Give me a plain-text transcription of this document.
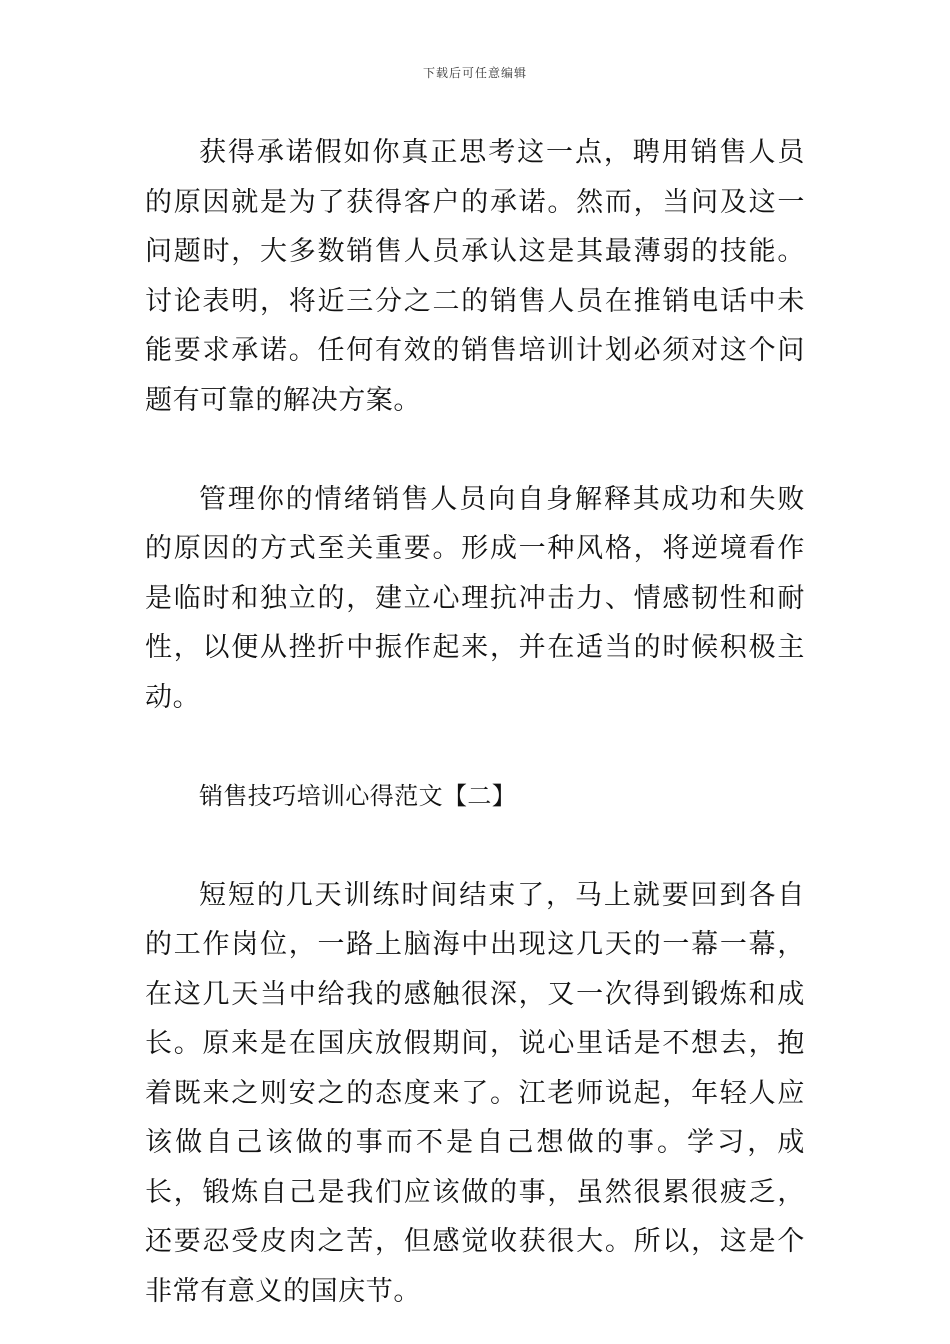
下载后可任意编辑

获得承诺假如你真正思考这一点，聘用销售人员的原因就是为了获得客户的承诺。然而，当问及这一问题时，大多数销售人员承认这是其最薄弱的技能。讨论表明，将近三分之二的销售人员在推销电话中未能要求承诺。任何有效的销售培训计划必须对这个问题有可靠的解决方案。

管理你的情绪销售人员向自身解释其成功和失败的原因的方式至关重要。形成一种风格，将逆境看作是临时和独立的，建立心理抗冲击力、情感韧性和耐性，以便从挫折中振作起来，并在适当的时候积极主动。

销售技巧培训心得范文【二】

短短的几天训练时间结束了，马上就要回到各自的工作岗位，一路上脑海中出现这几天的一幕一幕，在这几天当中给我的感触很深，又一次得到锻炼和成长。原来是在国庆放假期间，说心里话是不想去，抱着既来之则安之的态度来了。江老师说起，年轻人应该做自己该做的事而不是自己想做的事。学习，成长，锻炼自己是我们应该做的事，虽然很累很疲乏，还要忍受皮肉之苦，但感觉收获很大。所以，这是个非常有意义的国庆节。
